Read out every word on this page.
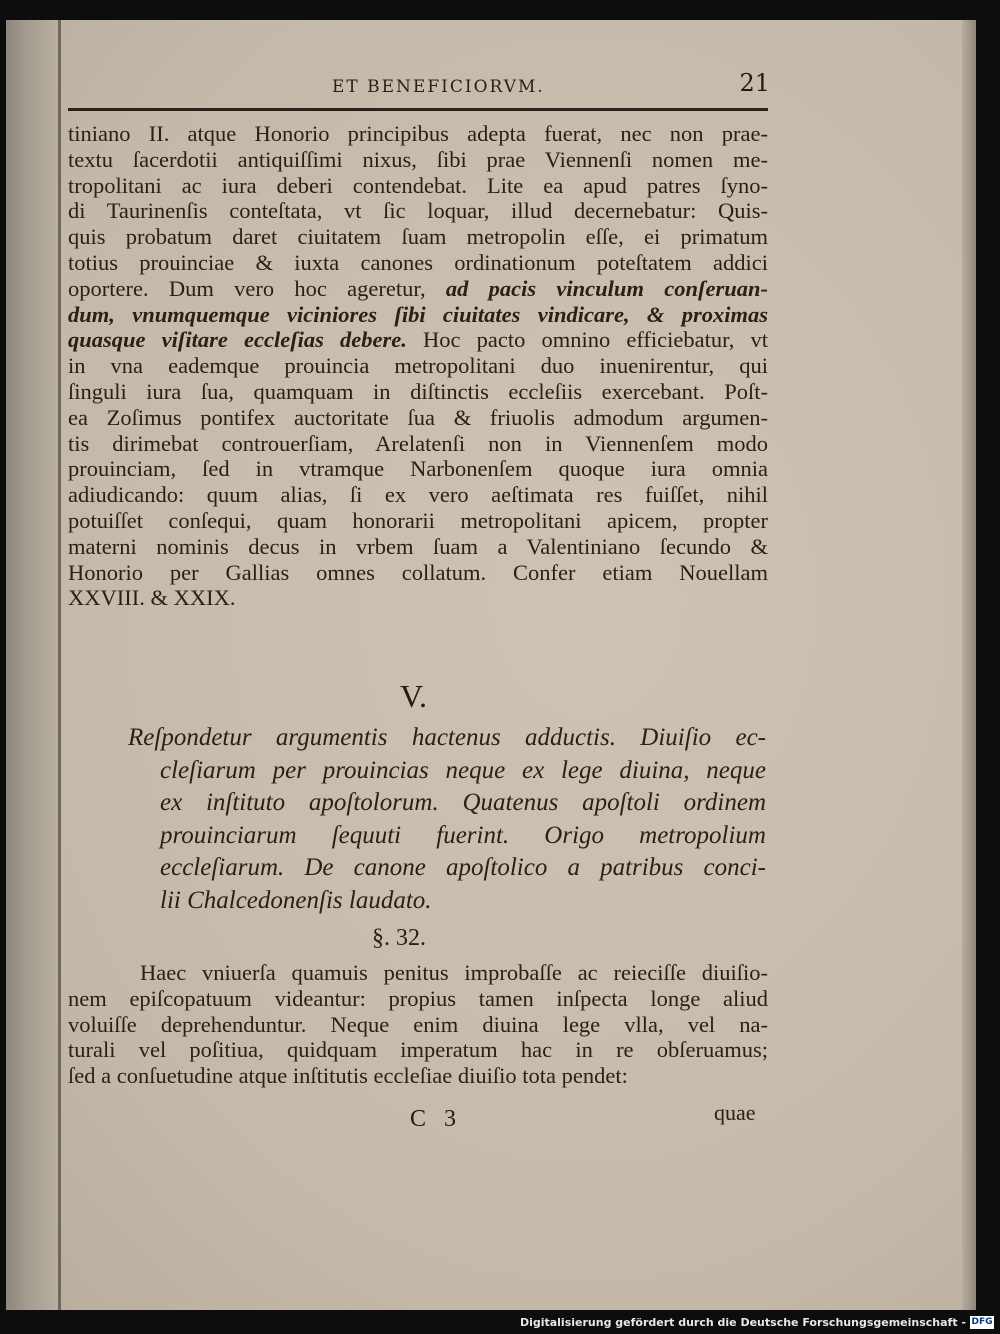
ET BENEFICIORVM.	21
tiniano II. atque Honorio principibus adepta fuerat, nec non prae-
textu ſacerdotii antiquiſſimi nixus, ſibi prae Viennenſi nomen me-
tropolitani ac iura deberi contendebat. Lite ea apud patres ſyno-
di Taurinenſis conteſtata, vt ſic loquar, illud decernebatur: Quis-
quis probatum daret ciuitatem ſuam metropolin eſſe, ei primatum
totius prouinciae & iuxta canones ordinationum poteſtatem addici
oportere. Dum vero hoc ageretur, ad pacis vinculum conſeruan-
dum, vnumquemque viciniores ſibi ciuitates vindicare, & proximas
quasque viſitare eccleſias debere. Hoc pacto omnino efficiebatur, vt
in vna eademque prouincia metropolitani duo inuenirentur, qui
ſinguli iura ſua, quamquam in diſtinctis eccleſiis exercebant. Poſt-
ea Zoſimus pontifex auctoritate ſua & friuolis admodum argumen-
tis dirimebat controuerſiam, Arelatenſi non in Viennenſem modo
prouinciam, ſed in vtramque Narbonenſem quoque iura omnia
adiudicando: quum alias, ſi ex vero aeſtimata res fuiſſet, nihil
potuiſſet conſequi, quam honorarii metropolitani apicem, propter
materni nominis decus in vrbem ſuam a Valentiniano ſecundo &
Honorio per Gallias omnes collatum. Confer etiam Nouellam
XXVIII. & XXIX.
V.
Reſpondetur argumentis hactenus adductis. Diuiſio ec-
cleſiarum per prouincias neque ex lege diuina, neque
ex inſtituto apoſtolorum. Quatenus apoſtoli ordinem
prouinciarum ſequuti fuerint. Origo metropolium
eccleſiarum. De canone apoſtolico a patribus conci-
lii Chalcedonenſis laudato.
§. 32.
Haec vniuerſa quamuis penitus improbaſſe ac reieciſſe diuiſio-
nem epiſcopatuum videantur: propius tamen inſpecta longe aliud
voluiſſe deprehenduntur. Neque enim diuina lege vlla, vel na-
turali vel poſitiua, quidquam imperatum hac in re obſeruamus;
ſed a conſuetudine atque inſtitutis eccleſiae diuiſio tota pendet:
C 3	quae
Digitalisierung gefördert durch die Deutsche Forschungsgemeinschaft - DFG
